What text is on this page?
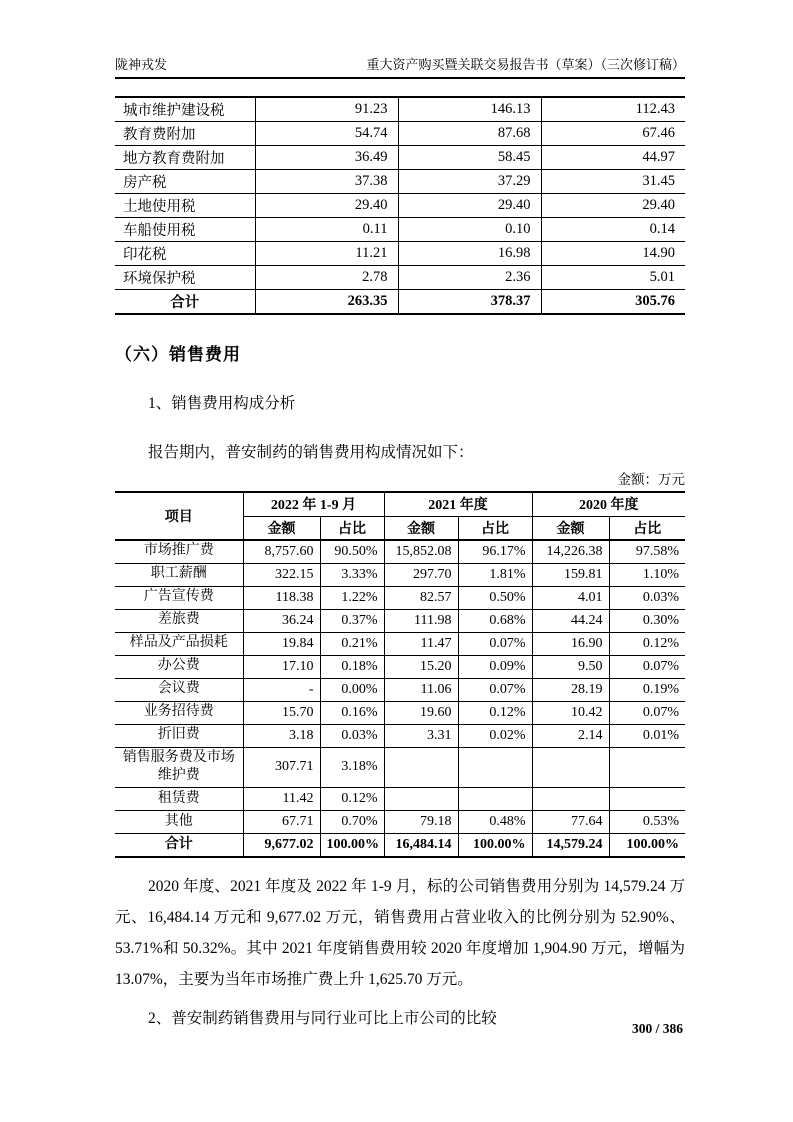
陇神戎发	重大资产购买暨关联交易报告书（草案）（三次修订稿）
城市维护建设税	91.23	146.13	112.43
教育费附加	54.74	87.68	67.46
地方教育费附加	36.49	58.45	44.97
房产税	37.38	37.29	31.45
土地使用税	29.40	29.40	29.40
车船使用税	0.11	0.10	0.14
印花税	11.21	16.98	14.90
环境保护税	2.78	2.36	5.01
合计	263.35	378.37	305.76
（六）销售费用
1、销售费用构成分析
报告期内，普安制药的销售费用构成情况如下：
金额：万元
项目	2022 年 1-9 月		2021 年度		2020 年度	
	金额	占比	金额	占比	金额	占比
市场推广费	8,757.60	90.50%	15,852.08	96.17%	14,226.38	97.58%
职工薪酬	322.15	3.33%	297.70	1.81%	159.81	1.10%
广告宣传费	118.38	1.22%	82.57	0.50%	4.01	0.03%
差旅费	36.24	0.37%	111.98	0.68%	44.24	0.30%
样品及产品损耗	19.84	0.21%	11.47	0.07%	16.90	0.12%
办公费	17.10	0.18%	15.20	0.09%	9.50	0.07%
会议费	-	0.00%	11.06	0.07%	28.19	0.19%
业务招待费	15.70	0.16%	19.60	0.12%	10.42	0.07%
折旧费	3.18	0.03%	3.31	0.02%	2.14	0.01%
销售服务费及市场维护费	307.71	3.18%				
租赁费	11.42	0.12%				
其他	67.71	0.70%	79.18	0.48%	77.64	0.53%
合计	9,677.02	100.00%	16,484.14	100.00%	14,579.24	100.00%
2020 年度、2021 年度及 2022 年 1-9 月，标的公司销售费用分别为 14,579.24 万元、16,484.14 万元和 9,677.02 万元，销售费用占营业收入的比例分别为 52.90%、53.71%和 50.32%。其中 2021 年度销售费用较 2020 年度增加 1,904.90 万元，增幅为 13.07%，主要为当年市场推广费上升 1,625.70 万元。
2、普安制药销售费用与同行业可比上市公司的比较
300 / 386
